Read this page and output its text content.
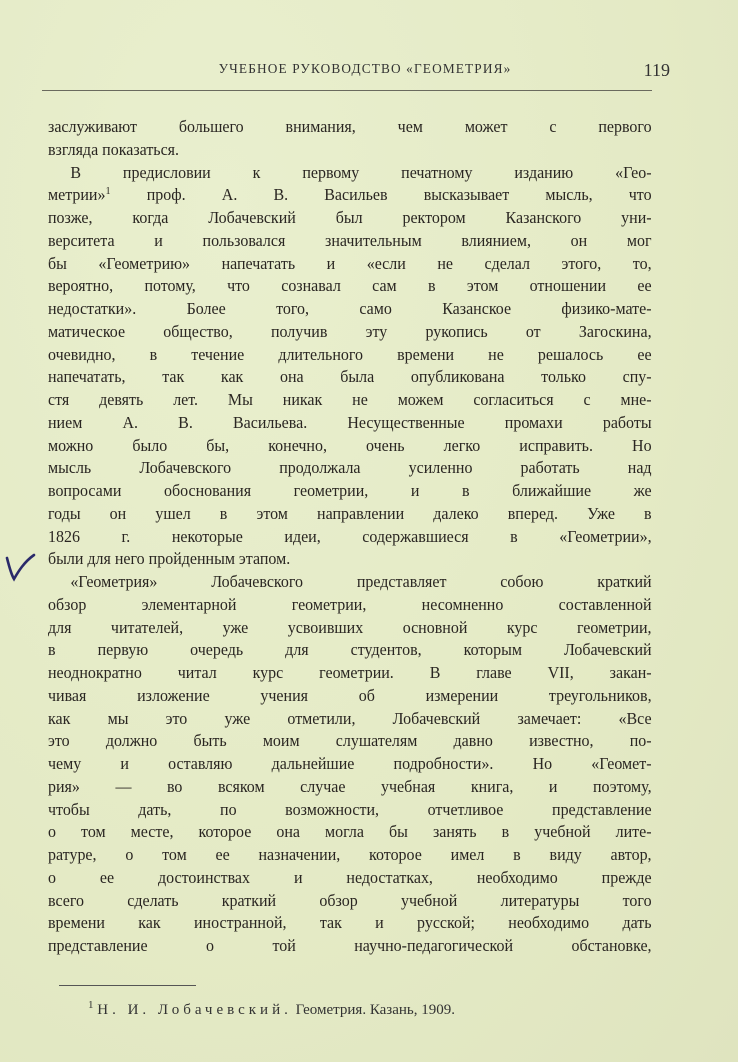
УЧЕБНОЕ РУКОВОДСТВО «ГЕОМЕТРИЯ»	119
заслуживают большего внимания, чем может с первого
взгляда показаться.
В предисловии к первому печатному изданию «Гео-
метрии»$^1$ проф. А. В. Васильев высказывает мысль, что
позже, когда Лобачевский был ректором Казанского уни-
верситета и пользовался значительным влиянием, он мог
бы «Геометрию» напечатать и «если не сделал этого, то,
вероятно, потому, что сознавал сам в этом отношении ее
недостатки». Более того, само Казанское физико-мате-
матическое общество, получив эту рукопись от Загоскина,
очевидно, в течение длительного времени не решалось ее
напечатать, так как она была опубликована только спу-
стя девять лет. Мы никак не можем согласиться с мне-
нием А. В. Васильева. Несущественные промахи работы
можно было бы, конечно, очень легко исправить. Но
мысль Лобачевского продолжала усиленно работать над
вопросами обоснования геометрии, и в ближайшие же
годы он ушел в этом направлении далеко вперед. Уже в
1826 г. некоторые идеи, содержавшиеся в «Геометрии»,
были для него пройденным этапом.
«Геометрия» Лобачевского представляет собою краткий
обзор элементарной геометрии, несомненно составленной
для читателей, уже усвоивших основной курс геометрии,
в первую очередь для студентов, которым Лобачевский
неоднократно читал курс геометрии. В главе VII, закан-
чивая изложение учения об измерении треугольников,
как мы это уже отметили, Лобачевский замечает: «Все
это должно быть моим слушателям давно известно, по-
чему и оставляю дальнейшие подробности». Но «Геомет-
рия» — во всяком случае учебная книга, и поэтому,
чтобы дать, по возможности, отчетливое представление
о том месте, которое она могла бы занять в учебной лите-
ратуре, о том ее назначении, которое имел в виду автор,
о ее достоинствах и недостатках, необходимо прежде
всего сделать краткий обзор учебной литературы того
времени как иностранной, так и русской; необходимо дать
представление о той научно-педагогической обстановке,
$^1$ Н. И. Лобачевский. Геометрия. Казань, 1909.
